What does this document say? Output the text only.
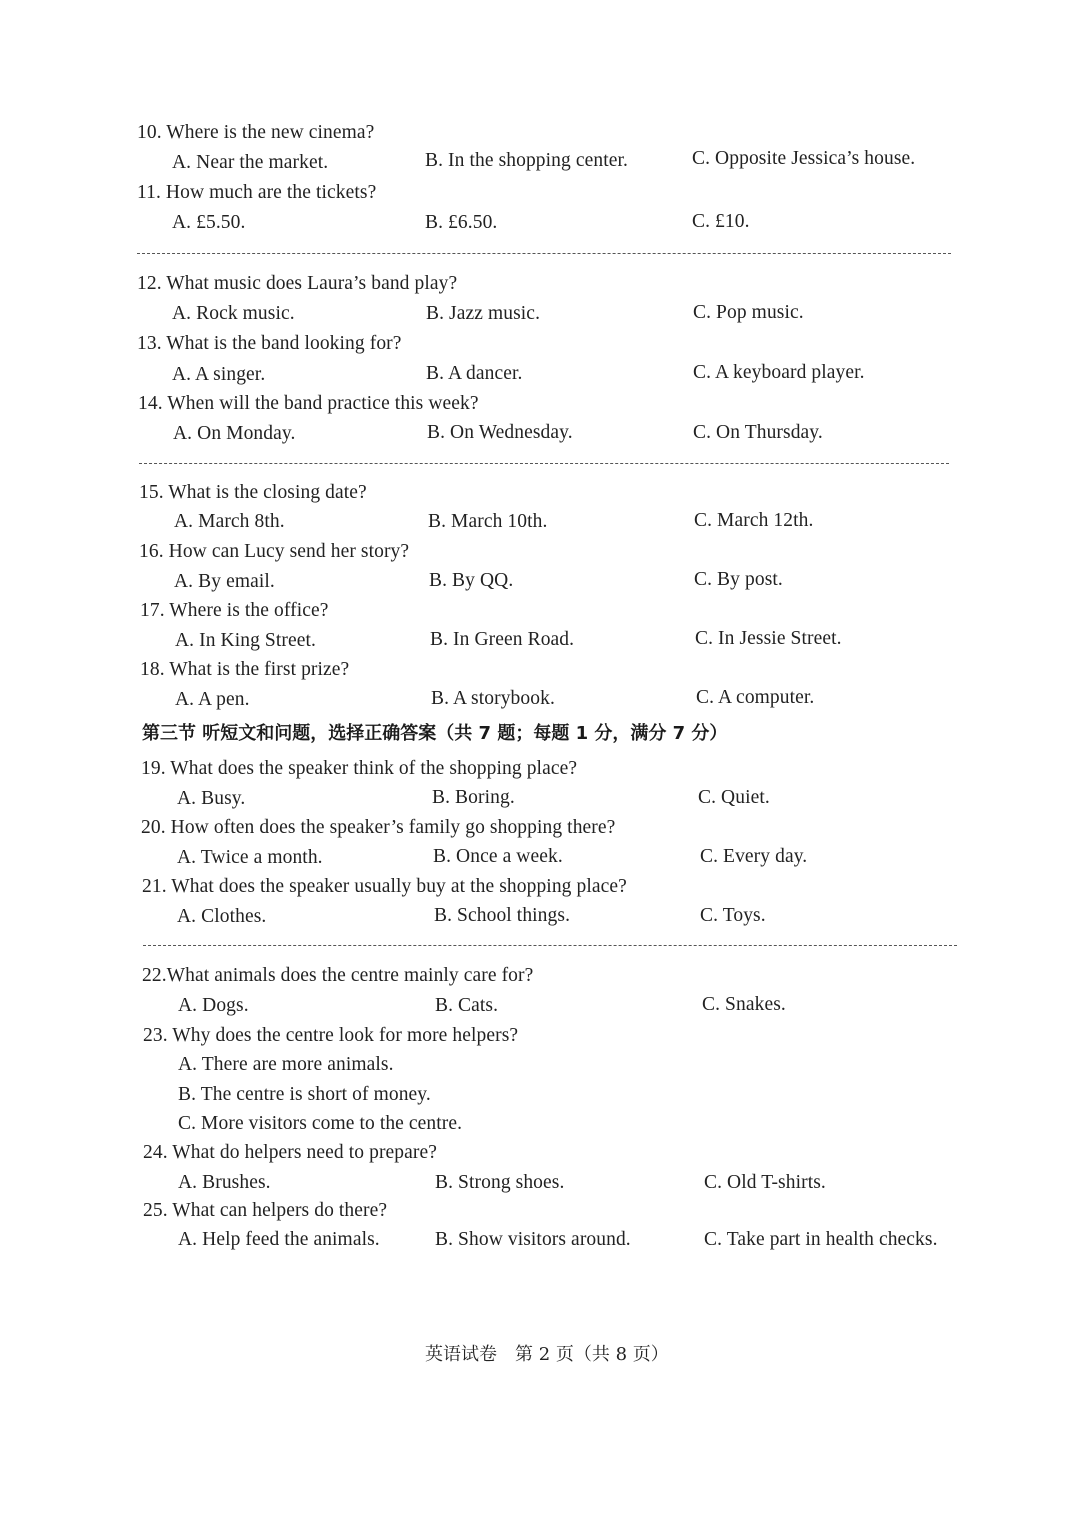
10. Where is the new cinema?
A. Near the market.	B. In the shopping center.	C. Opposite Jessica’s house.
11. How much are the tickets?
A. £5.50.	B. £6.50.	C. £10.
12. What music does Laura’s band play?
A. Rock music.	B. Jazz music.	C. Pop music.
13. What is the band looking for?
A. A singer.	B. A dancer.	C. A keyboard player.
14. When will the band practice this week?
A. On Monday.	B. On Wednesday.	C. On Thursday.
15. What is the closing date?
A. March 8th.	B. March 10th.	C. March 12th.
16. How can Lucy send her story?
A. By email.	B. By QQ.	C. By post.
17. Where is the office?
A. In King Street.	B. In Green Road.	C. In Jessie Street.
18. What is the first prize?
A. A pen.	B. A storybook.	C. A computer.
第三节 听短文和问题，选择正确答案（共 7 题；每题 1 分，满分 7 分）
19. What does the speaker think of the shopping place?
A. Busy.	B. Boring.	C. Quiet.
20. How often does the speaker’s family go shopping there?
A. Twice a month.	B. Once a week.	C. Every day.
21. What does the speaker usually buy at the shopping place?
A. Clothes.	B. School things.	C. Toys.
22.What animals does the centre mainly care for?
A. Dogs.	B. Cats.	C. Snakes.
23. Why does the centre look for more helpers?
A. There are more animals.
B. The centre is short of money.
C. More visitors come to the centre.
24. What do helpers need to prepare?
A. Brushes.	B. Strong shoes.	C. Old T-shirts.
25. What can helpers do there?
A. Help feed the animals.	B. Show visitors around.	C. Take part in health checks.
英语试卷　第 2 页（共 8 页）
